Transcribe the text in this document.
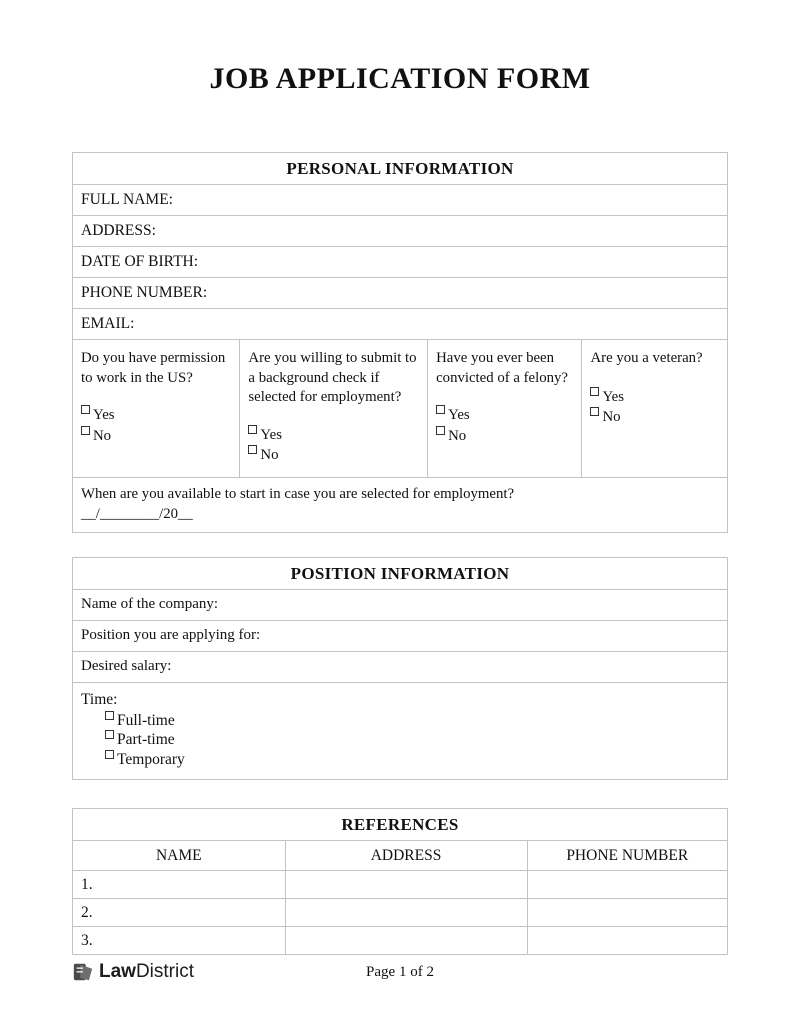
JOB APPLICATION FORM
PERSONAL INFORMATION
FULL NAME:
ADDRESS:
DATE OF BIRTH:
PHONE NUMBER:
EMAIL:
Do you have permission to work in the US?
Yes
No
Are you willing to submit to a background check if selected for employment?
Yes
No
Have you ever been convicted of a felony?
Yes
No
Are you a veteran?
Yes
No
When are you available to start in case you are selected for employment?
__/________/20__
POSITION INFORMATION
Name of the company:
Position you are applying for:
Desired salary:
Time:
Full-time
Part-time
Temporary
REFERENCES
NAME	ADDRESS	PHONE NUMBER
1.
2.
3.
Law District	Page 1 of 2
